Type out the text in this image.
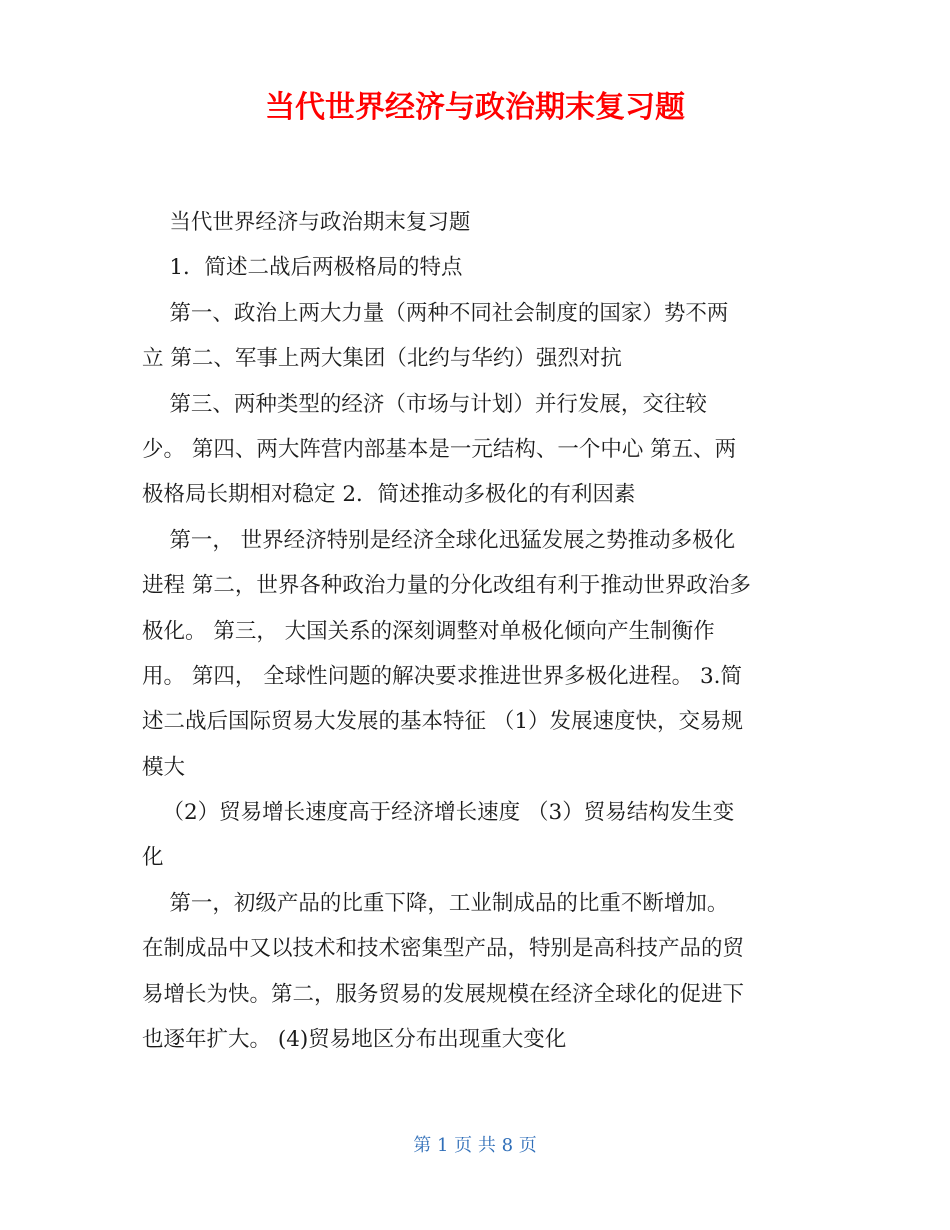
当代世界经济与政治期末复习题
当代世界经济与政治期末复习题
1．简述二战后两极格局的特点
第一、政治上两大力量（两种不同社会制度的国家）势不两
立 第二、军事上两大集团（北约与华约）强烈对抗
第三、两种类型的经济（市场与计划）并行发展，交往较
少。 第四、两大阵营内部基本是一元结构、一个中心 第五、两
极格局长期相对稳定 2．简述推动多极化的有利因素
第一， 世界经济特别是经济全球化迅猛发展之势推动多极化
进程 第二，世界各种政治力量的分化改组有利于推动世界政治多
极化。 第三， 大国关系的深刻调整对单极化倾向产生制衡作
用。 第四， 全球性问题的解决要求推进世界多极化进程。 3.简
述二战后国际贸易大发展的基本特征 （1）发展速度快，交易规
模大
（2）贸易增长速度高于经济增长速度 （3）贸易结构发生变
化
第一，初级产品的比重下降，工业制成品的比重不断增加。
在制成品中又以技术和技术密集型产品，特别是高科技产品的贸
易增长为快。第二，服务贸易的发展规模在经济全球化的促进下
也逐年扩大。 (4)贸易地区分布出现重大变化
第 1 页 共 8 页
